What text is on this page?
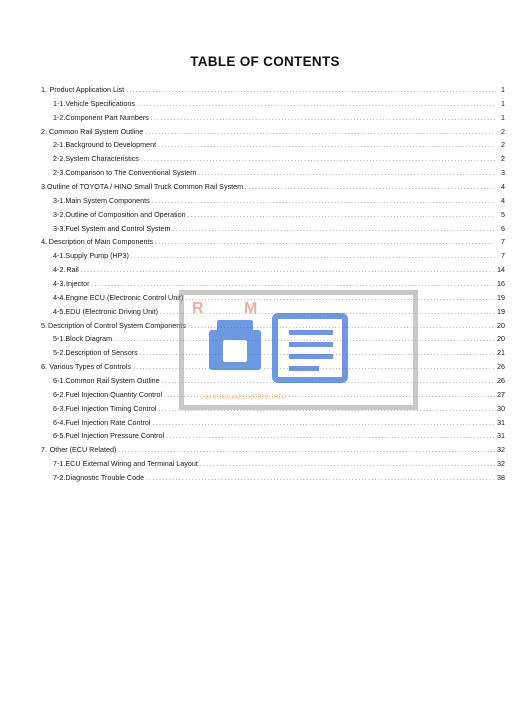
TABLE OF CONTENTS
1. Product Application List .....	1
1-1. Vehicle Specifications .....	1
1-2. Component Part Numbers .....	1
2. Common Rail System Outline .....	2
2-1. Background to Development .....	2
2-2. System Characteristics .....	2
2-3. Comparison to The Conventional System .....	3
3. Outline of TOYOTA / HINO Small Truck Common Rail System .....	4
3-1. Main System Components .....	4
3-2. Outline of Composition and Operation .....	5
3-3. Fuel System and Control System .....	6
4. Description of Main Components .....	7
4-1. Supply Pump (HP3) .....	7
4-2. Rail .....	14
4-3. Injector .....	16
4-4. Engine ECU (Electronic Control Unit) .....	19
4-5. EDU (Electronic Driving Unit) .....	19
5. Description of Control System Components .....	20
5-1. Block Diagram .....	20
5-2. Description of Sensors .....	21
6. Various Types of Controls .....	26
6-1. Common Rail System Outline .....	26
6-2. Fuel Injection Quantity Control .....	27
6-3. Fuel Injection Timing Control .....	30
6-4. Fuel Injection Rate Control .....	31
6-5. Fuel Injection Pressure Control .....	31
7. Other (ECU Related) .....	32
7-1. ECU External Wiring and Terminal Layout .....	32
7-2. Diagnostic Trouble Code .....	38
R M
carmanualsonline.info
